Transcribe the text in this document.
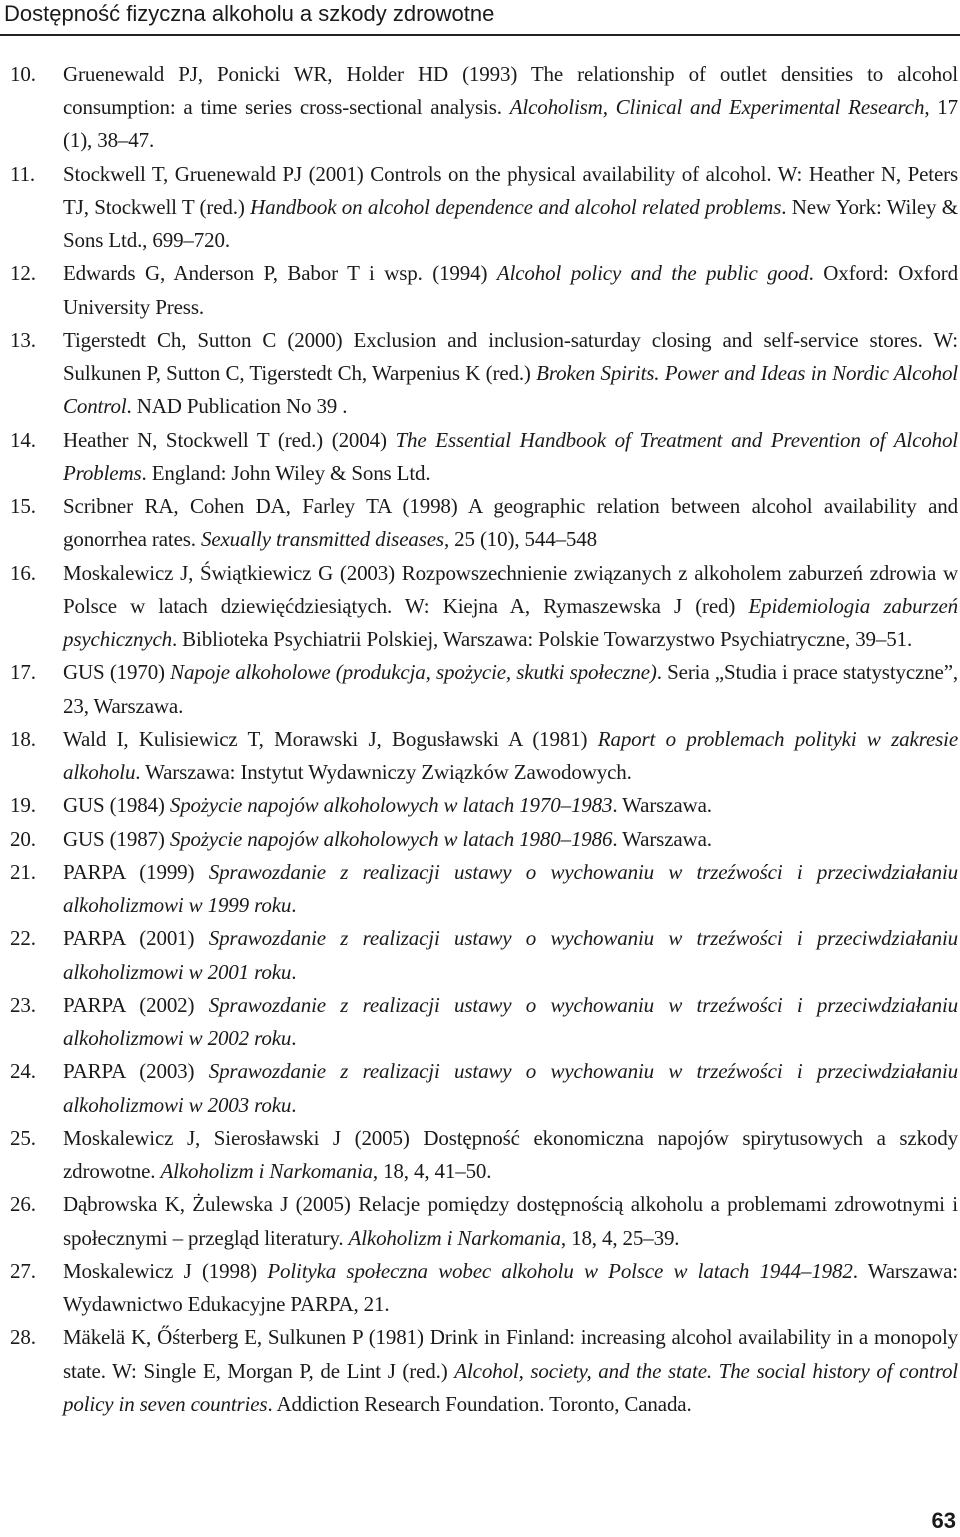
Dostępność fizyczna alkoholu a szkody zdrowotne
10.	Gruenewald PJ, Ponicki WR, Holder HD (1993) The relationship of outlet densities to alcohol consumption: a time series cross-sectional analysis. Alcoholism, Clinical and Experimental Research, 17 (1), 38–47.
11.	Stockwell T, Gruenewald PJ (2001) Controls on the physical availability of alcohol. W: Heather N, Peters TJ, Stockwell T (red.) Handbook on alcohol dependence and alcohol related problems. New York: Wiley & Sons Ltd., 699–720.
12.	Edwards G, Anderson P, Babor T i wsp. (1994) Alcohol policy and the public good. Oxford: Oxford University Press.
13.	Tigerstedt Ch, Sutton C (2000) Exclusion and inclusion-saturday closing and self-service stores. W: Sulkunen P, Sutton C, Tigerstedt Ch, Warpenius K (red.) Broken Spirits. Power and Ideas in Nordic Alcohol Control. NAD Publication No 39 .
14.	Heather N, Stockwell T (red.) (2004) The Essential Handbook of Treatment and Prevention of Alcohol Problems. England: John Wiley & Sons Ltd.
15.	Scribner RA, Cohen DA, Farley TA (1998) A geographic relation between alcohol availability and gonorrhea rates. Sexually transmitted diseases, 25 (10), 544–548
16.	Moskalewicz J, Świątkiewicz G (2003) Rozpowszechnienie związanych z alkoholem zaburzeń zdrowia w Polsce w latach dziewięćdziesiątych. W: Kiejna A, Rymaszewska J (red) Epidemiologia zaburzeń psychicznych. Biblioteka Psychiatrii Polskiej, Warszawa: Polskie Towarzystwo Psychiatryczne, 39–51.
17.	GUS (1970) Napoje alkoholowe (produkcja, spożycie, skutki społeczne). Seria „Studia i prace statystyczne”, 23, Warszawa.
18.	Wald I, Kulisiewicz T, Morawski J, Bogusławski A (1981) Raport o problemach polityki w zakresie alkoholu. Warszawa: Instytut Wydawniczy Związków Zawodowych.
19.	GUS (1984) Spożycie napojów alkoholowych w latach 1970–1983. Warszawa.
20.	GUS (1987) Spożycie napojów alkoholowych w latach 1980–1986. Warszawa.
21.	PARPA (1999) Sprawozdanie z realizacji ustawy o wychowaniu w trzeźwości i przeciwdziałaniu alkoholizmowi w 1999 roku.
22.	PARPA (2001) Sprawozdanie z realizacji ustawy o wychowaniu w trzeźwości i przeciwdziałaniu alkoholizmowi w 2001 roku.
23.	PARPA (2002) Sprawozdanie z realizacji ustawy o wychowaniu w trzeźwości i przeciwdziałaniu alkoholizmowi w 2002 roku.
24.	PARPA (2003) Sprawozdanie z realizacji ustawy o wychowaniu w trzeźwości i przeciwdziałaniu alkoholizmowi w 2003 roku.
25.	Moskalewicz J, Sierosławski J (2005) Dostępność ekonomiczna napojów spirytusowych a szkody zdrowotne. Alkoholizm i Narkomania, 18, 4, 41–50.
26.	Dąbrowska K, Żulewska J (2005) Relacje pomiędzy dostępnością alkoholu a problemami zdrowotnymi i społecznymi – przegląd literatury. Alkoholizm i Narkomania, 18, 4, 25–39.
27.	Moskalewicz J (1998) Polityka społeczna wobec alkoholu w Polsce w latach 1944–1982. Warszawa: Wydawnictwo Edukacyjne PARPA, 21.
28.	Mäkelä K, Őśterberg E, Sulkunen P (1981) Drink in Finland: increasing alcohol availability in a monopoly state. W: Single E, Morgan P, de Lint J (red.) Alcohol, society, and the state. The social history of control policy in seven countries. Addiction Research Foundation. Toronto, Canada.
63
